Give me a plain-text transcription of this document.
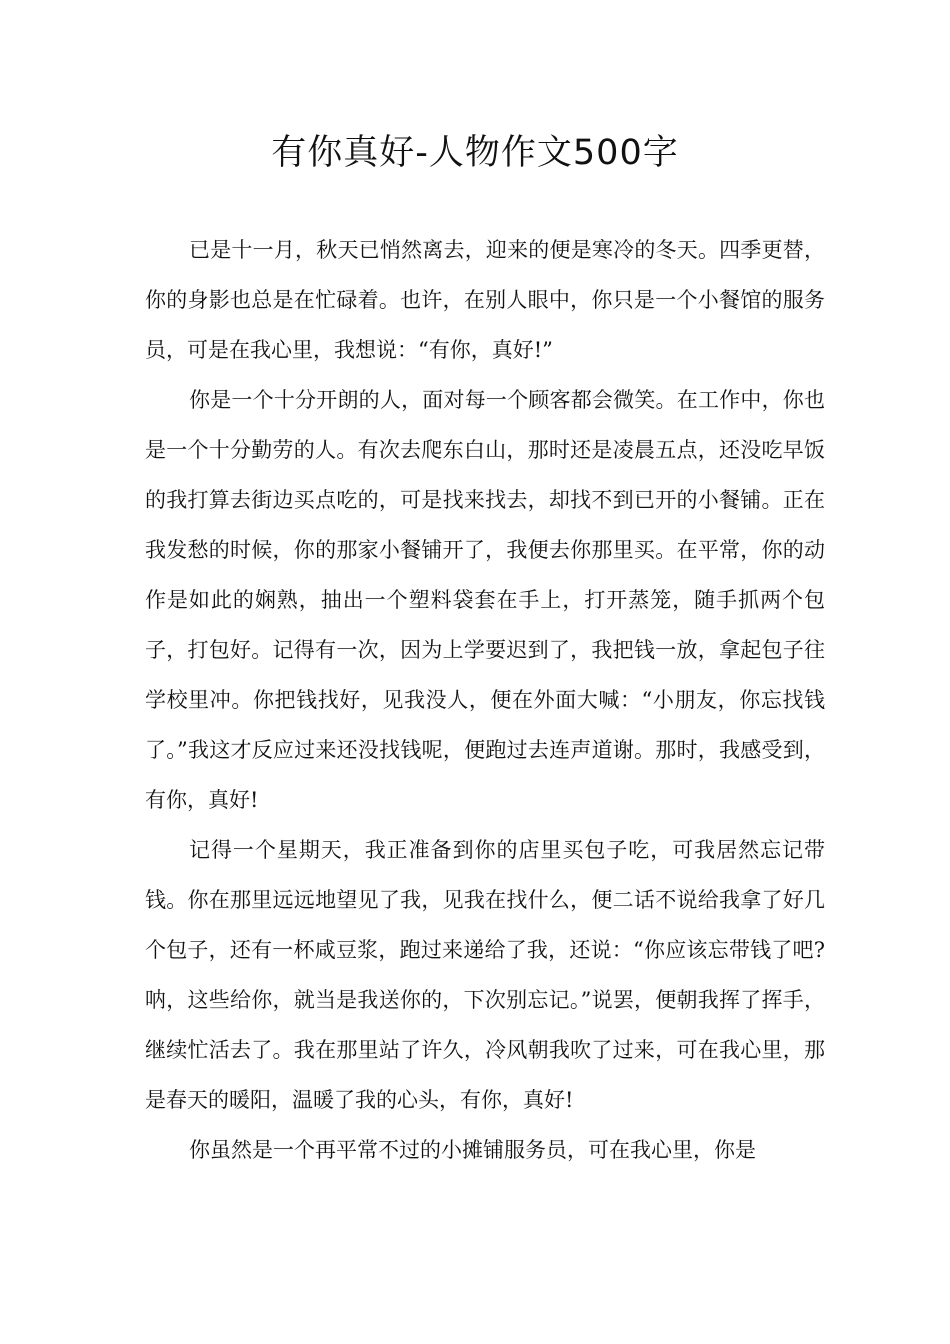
有你真好-人物作文500字

已是十一月，秋天已悄然离去，迎来的便是寒冷的冬天。四季更替，你的身影也总是在忙碌着。也许，在别人眼中，你只是一个小餐馆的服务员，可是在我心里，我想说：“有你，真好!”

你是一个十分开朗的人，面对每一个顾客都会微笑。在工作中，你也是一个十分勤劳的人。有次去爬东白山，那时还是凌晨五点，还没吃早饭的我打算去街边买点吃的，可是找来找去，却找不到已开的小餐铺。正在我发愁的时候，你的那家小餐铺开了，我便去你那里买。在平常，你的动作是如此的娴熟，抽出一个塑料袋套在手上，打开蒸笼，随手抓两个包子，打包好。记得有一次，因为上学要迟到了，我把钱一放，拿起包子往学校里冲。你把钱找好，见我没人，便在外面大喊：“小朋友，你忘找钱了。”我这才反应过来还没找钱呢，便跑过去连声道谢。那时，我感受到，有你，真好!

记得一个星期天，我正准备到你的店里买包子吃，可我居然忘记带钱。你在那里远远地望见了我，见我在找什么，便二话不说给我拿了好几个包子，还有一杯咸豆浆，跑过来递给了我，还说：“你应该忘带钱了吧?呐，这些给你，就当是我送你的，下次别忘记。”说罢，便朝我挥了挥手，继续忙活去了。我在那里站了许久，冷风朝我吹了过来，可在我心里，那是春天的暖阳，温暖了我的心头，有你，真好!

你虽然是一个再平常不过的小摊铺服务员，可在我心里，你是
